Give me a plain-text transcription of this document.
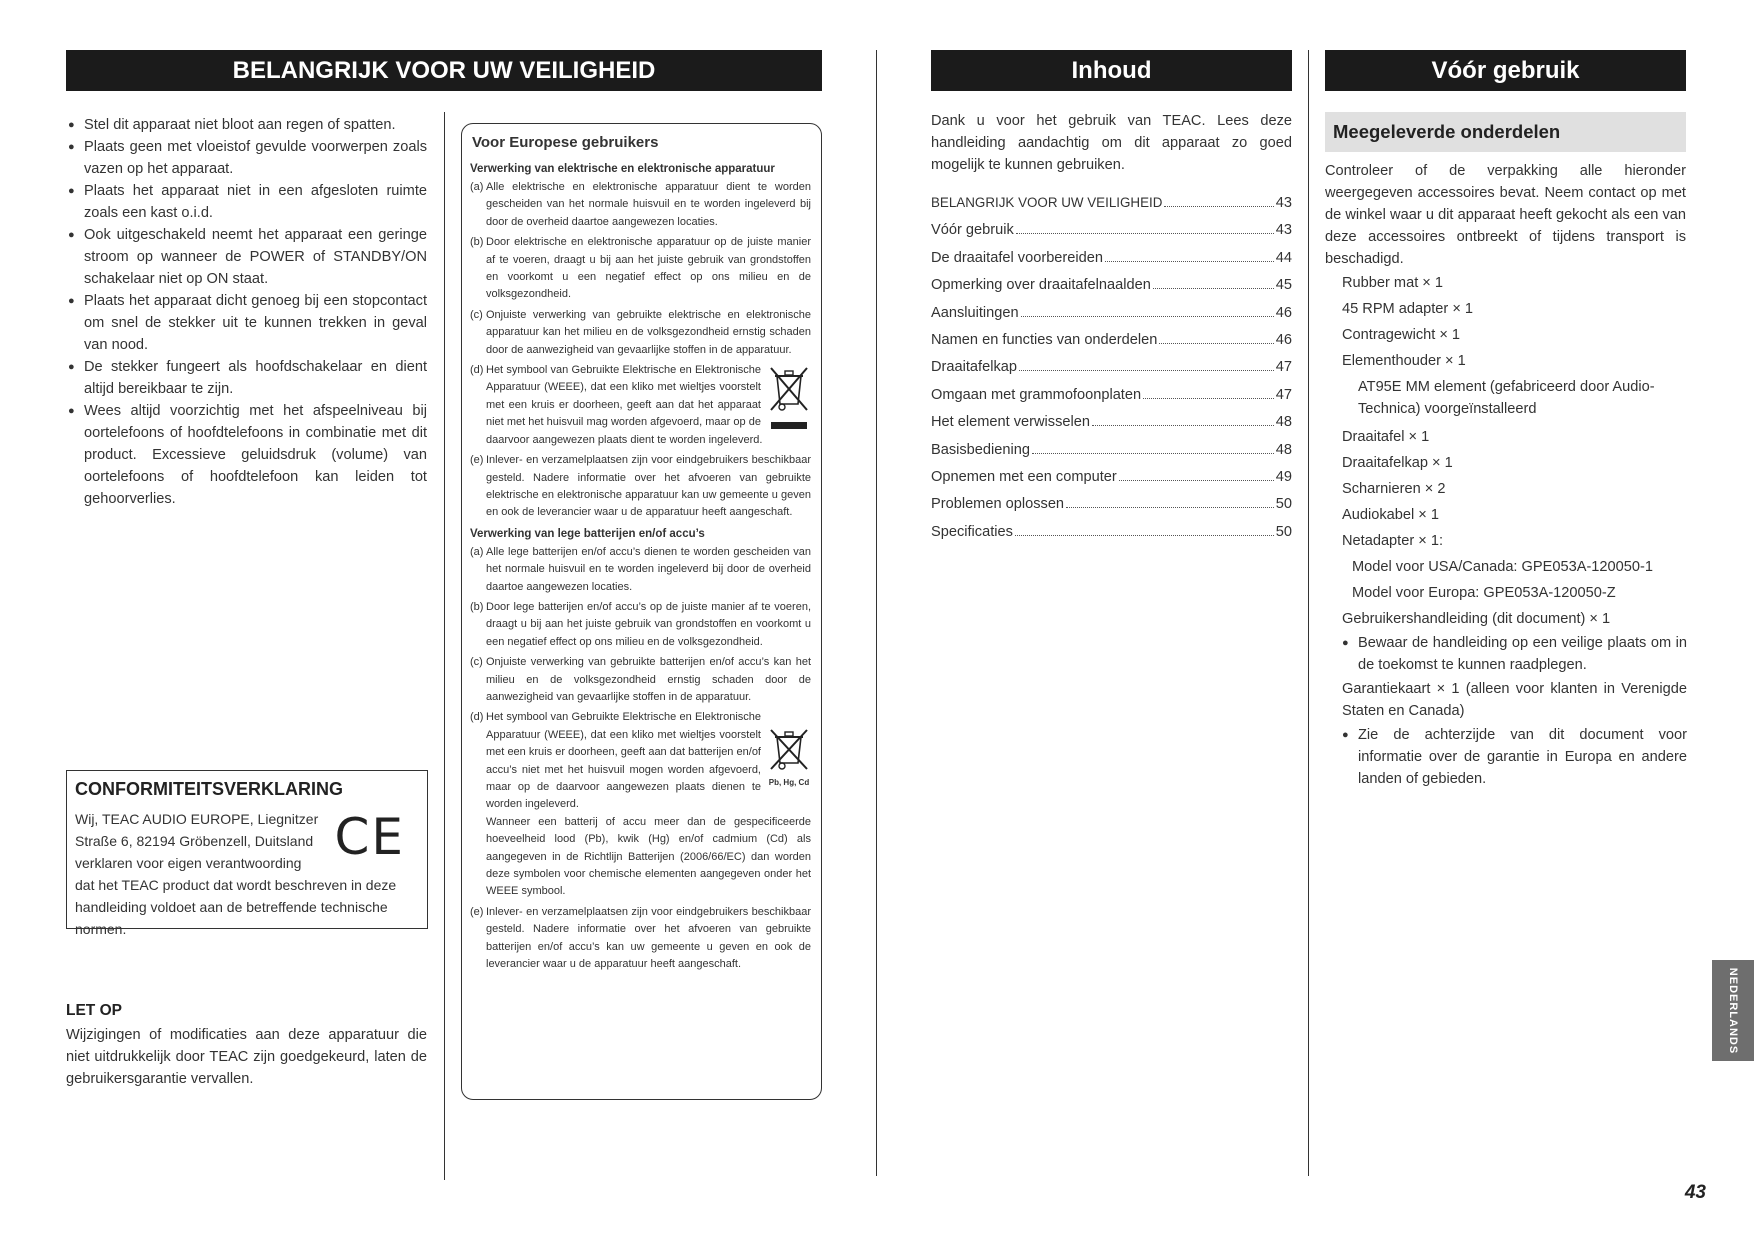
BELANGRIJK VOOR UW VEILIGHEID
● Stel dit apparaat niet bloot aan regen of spatten.
● Plaats geen met vloeistof gevulde voorwerpen zoals vazen op het apparaat.
● Plaats het apparaat niet in een afgesloten ruimte zoals een kast o.i.d.
● Ook uitgeschakeld neemt het apparaat een geringe stroom op wanneer de POWER of STANDBY/ON schakelaar niet op ON staat.
● Plaats het apparaat dicht genoeg bij een stopcontact om snel de stekker uit te kunnen trekken in geval van nood.
● De stekker fungeert als hoofdschakelaar en dient altijd bereikbaar te zijn.
● Wees altijd voorzichtig met het afspeelniveau bij oortelefoons of hoofdtelefoons in combinatie met dit product. Excessieve geluidsdruk (volume) van oortelefoons of hoofdtelefoon kan leiden tot gehoorverlies.
CONFORMITEITSVERKLARING
CE

Wij, TEAC AUDIO EUROPE, Liegnitzer Straße 6, 82194 Gröbenzell, Duitsland verklaren voor eigen verantwoording dat het TEAC product dat wordt beschreven in deze handleiding voldoet aan de betreffende technische normen.

LET OP

Wijzigingen of modificaties aan deze apparatuur die niet uitdrukkelijk door TEAC zijn goedgekeurd, laten de gebruikersgarantie vervallen.

Voor Europese gebruikers
Verwerking van elektrische en elektronische apparatuur
(a) Alle elektrische en elektronische apparatuur dient te worden gescheiden van het normale huisvuil en te worden ingeleverd bij door de overheid daartoe aangewezen locaties.
(b) Door elektrische en elektronische apparatuur op de juiste manier af te voeren, draagt u bij aan het juiste gebruik van grondstoffen en voorkomt u een negatief effect op ons milieu en de volksgezondheid.
(c) Onjuiste verwerking van gebruikte elektrische en elektronische apparatuur kan het milieu en de volksgezondheid ernstig schaden door de aanwezigheid van gevaarlijke stoffen in de apparatuur.
(d) Het symbool van Gebruikte Elektrische en Elektronische Apparatuur (WEEE), dat een kliko met wieltjes voorstelt met een kruis er doorheen, geeft aan dat het apparaat niet met het huisvuil mag worden afgevoerd, maar op de daarvoor aangewezen plaats dient te worden ingeleverd.
(e) Inlever- en verzamelplaatsen zijn voor eindgebruikers beschikbaar gesteld. Nadere informatie over het afvoeren van gebruikte elektrische en elektronische apparatuur kan uw gemeente u geven en ook de leverancier waar u de apparatuur heeft aangeschaft.
Verwerking van lege batterijen en/of accu’s
(a) Alle lege batterijen en/of accu’s dienen te worden gescheiden van het normale huisvuil en te worden ingeleverd bij door de overheid daartoe aangewezen locaties.
(b) Door lege batterijen en/of accu’s op de juiste manier af te voeren, draagt u bij aan het juiste gebruik van grondstoffen en voorkomt u een negatief effect op ons milieu en de volksgezondheid.
(c) Onjuiste verwerking van gebruikte batterijen en/of accu’s kan het milieu en de volksgezondheid ernstig schaden door de aanwezigheid van gevaarlijke stoffen in de apparatuur.
(d)
Pb, Hg, Cd
Het symbool van Gebruikte Elektrische en Elektronische Apparatuur (WEEE), dat een kliko met wieltjes voorstelt met een kruis er doorheen, geeft aan dat batterijen en/of accu’s niet met het huisvuil mogen worden afgevoerd, maar op de daarvoor aangewezen plaats dienen te worden ingeleverd.
Wanneer een batterij of accu meer dan de gespecificeerde hoeveelheid lood (Pb), kwik (Hg) en/of cadmium (Cd) als aangegeven in de Richtlijn Batterijen (2006/66/EC) dan worden deze symbolen voor chemische elementen aangegeven onder het WEEE symbool.
(e) Inlever- en verzamelplaatsen zijn voor eindgebruikers beschikbaar gesteld. Nadere informatie over het afvoeren van gebruikte batterijen en/of accu’s kan uw gemeente u geven en ook de leverancier waar u de apparatuur heeft aangeschaft.
Inhoud

Dank u voor het gebruik van TEAC. Lees deze handleiding aandachtig om dit apparaat zo goed mogelijk te kunnen gebruiken.

BELANGRIJK VOOR UW VEILIGHEID	43
Vóór gebruik	43
De draaitafel voorbereiden	44
Opmerking over draaitafelnaalden	45
Aansluitingen	46
Namen en functies van onderdelen	46
Draaitafelkap	47
Omgaan met grammofoonplaten	47
Het element verwisselen	48
Basisbediening	48
Opnemen met een computer	49
Problemen oplossen	50
Specificaties	50
Vóór gebruik
Meegeleverde onderdelen

Controleer of de verpakking alle hieronder weergegeven accessoires bevat. Neem contact op met de winkel waar u dit apparaat heeft gekocht als een van deze accessoires ontbreekt of tijdens transport is beschadigd.

Rubber mat × 1
45 RPM adapter × 1
Contragewicht × 1
Elementhouder × 1
AT95E MM element (gefabriceerd door Audio-Technica) voorgeïnstalleerd
Draaitafel × 1
Draaitafelkap × 1
Scharnieren × 2
Audiokabel × 1
Netadapter × 1:
Model voor USA/Canada: GPE053A-120050-1
Model voor Europa: GPE053A-120050-Z
Gebruikershandleiding (dit document) × 1
● Bewaar de handleiding op een veilige plaats om in de toekomst te kunnen raadplegen.
Garantiekaart × 1 (alleen voor klanten in Verenigde Staten en Canada)
● Zie de achterzijde van dit document voor informatie over de garantie in Europa en andere landen of gebieden.
NEDERLANDS
43
